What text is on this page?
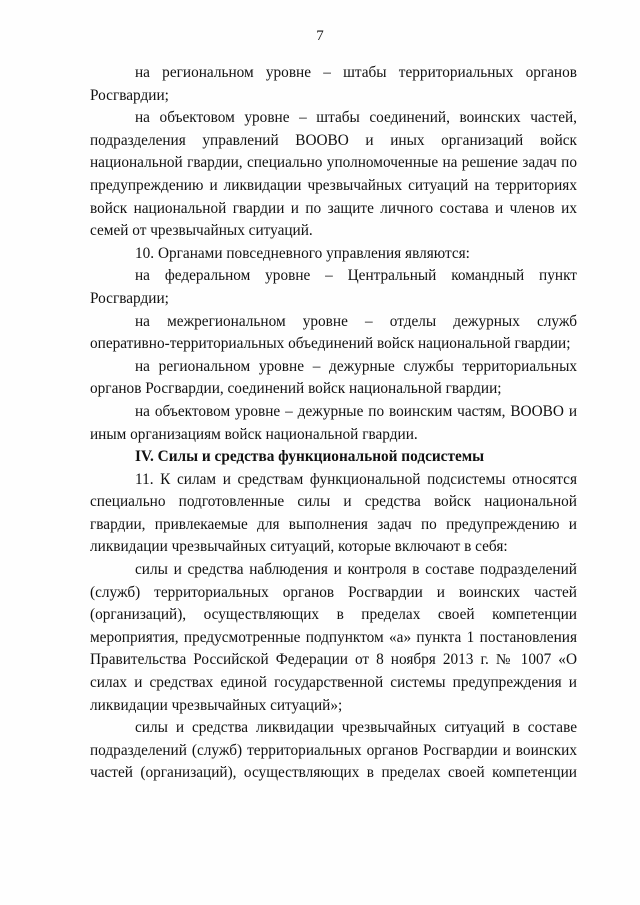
7

на региональном уровне – штабы территориальных органов Росгвардии;

на объектовом уровне – штабы соединений, воинских частей, подразделения управлений ВООВО и иных организаций войск национальной гвардии, специально уполномоченные на решение задач по предупреждению и ликвидации чрезвычайных ситуаций на территориях войск национальной гвардии и по защите личного состава и членов их семей от чрезвычайных ситуаций.

10. Органами повседневного управления являются:

на федеральном уровне – Центральный командный пункт Росгвардии;

на межрегиональном уровне – отделы дежурных служб оперативно-территориальных объединений войск национальной гвардии;

на региональном уровне – дежурные службы территориальных органов Росгвардии, соединений войск национальной гвардии;

на объектовом уровне – дежурные по воинским частям, ВООВО и иным организациям войск национальной гвардии.

IV. Силы и средства функциональной подсистемы

11. К силам и средствам функциональной подсистемы относятся специально подготовленные силы и средства войск национальной гвардии, привлекаемые для выполнения задач по предупреждению и ликвидации чрезвычайных ситуаций, которые включают в себя:

силы и средства наблюдения и контроля в составе подразделений (служб) территориальных органов Росгвардии и воинских частей (организаций), осуществляющих в пределах своей компетенции мероприятия, предусмотренные подпунктом «а» пункта 1 постановления Правительства Российской Федерации от 8 ноября 2013 г. № 1007 «О силах и средствах единой государственной системы предупреждения и ликвидации чрезвычайных ситуаций»;

силы и средства ликвидации чрезвычайных ситуаций в составе подразделений (служб) территориальных органов Росгвардии и воинских частей (организаций), осуществляющих в пределах своей компетенции
